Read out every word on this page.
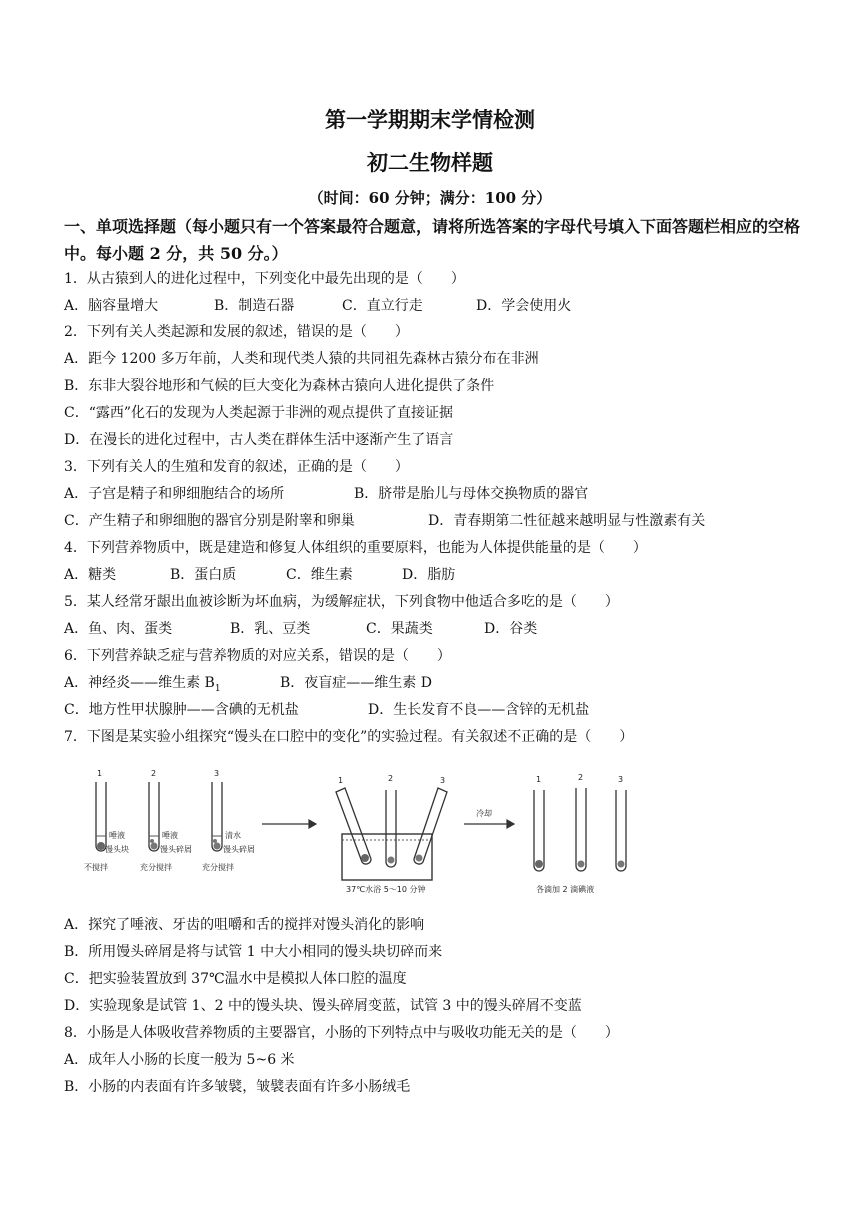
第一学期期末学情检测
初二生物样题
（时间：60 分钟；满分：100 分）
一、单项选择题（每小题只有一个答案最符合题意，请将所选答案的字母代号填入下面答题栏相应的空格中。每小题 2 分，共 50 分。）
1．从古猿到人的进化过程中，下列变化中最先出现的是（　　）
A．脑容量增大	B．制造石器	C．直立行走	D．学会使用火
2．下列有关人类起源和发展的叙述，错误的是（　　）
A．距今 1200 多万年前，人类和现代类人猿的共同祖先森林古猿分布在非洲
B．东非大裂谷地形和气候的巨大变化为森林古猿向人进化提供了条件
C．“露西”化石的发现为人类起源于非洲的观点提供了直接证据
D．在漫长的进化过程中，古人类在群体生活中逐渐产生了语言
3．下列有关人的生殖和发育的叙述，正确的是（　　）
A．子宫是精子和卵细胞结合的场所	B．脐带是胎儿与母体交换物质的器官
C．产生精子和卵细胞的器官分别是附睾和卵巢	D．青春期第二性征越来越明显与性激素有关
4．下列营养物质中，既是建造和修复人体组织的重要原料，也能为人体提供能量的是（　　）
A．糖类	B．蛋白质	C．维生素	D．脂肪
5．某人经常牙龈出血被诊断为坏血病，为缓解症状，下列食物中他适合多吃的是（　　）
A．鱼、肉、蛋类	B．乳、豆类	C．果蔬类	D．谷类
6．下列营养缺乏症与营养物质的对应关系，错误的是（　　）
A．神经炎——维生素 $B_1$	B．夜盲症——维生素 D
C．地方性甲状腺肿——含碘的无机盐	D．生长发育不良——含锌的无机盐
7．下图是某实验小组探究“馒头在口腔中的变化”的实验过程。有关叙述不正确的是（　　）
1	2	3
唾液
馒头块
唾液
馒头碎屑
清水
馒头碎屑
不搅拌	充分搅拌	充分搅拌
1	2	3
37℃水浴 5～10 分钟
冷却
1	2	3
各滴加 2 滴碘液
A．探究了唾液、牙齿的咀嚼和舌的搅拌对馒头消化的影响
B．所用馒头碎屑是将与试管 1 中大小相同的馒头块切碎而来
C．把实验装置放到 37℃温水中是模拟人体口腔的温度
D．实验现象是试管 1、2 中的馒头块、馒头碎屑变蓝，试管 3 中的馒头碎屑不变蓝
8．小肠是人体吸收营养物质的主要器官，小肠的下列特点中与吸收功能无关的是（　　）
A．成年人小肠的长度一般为 5~6 米
B．小肠的内表面有许多皱襞，皱襞表面有许多小肠绒毛
